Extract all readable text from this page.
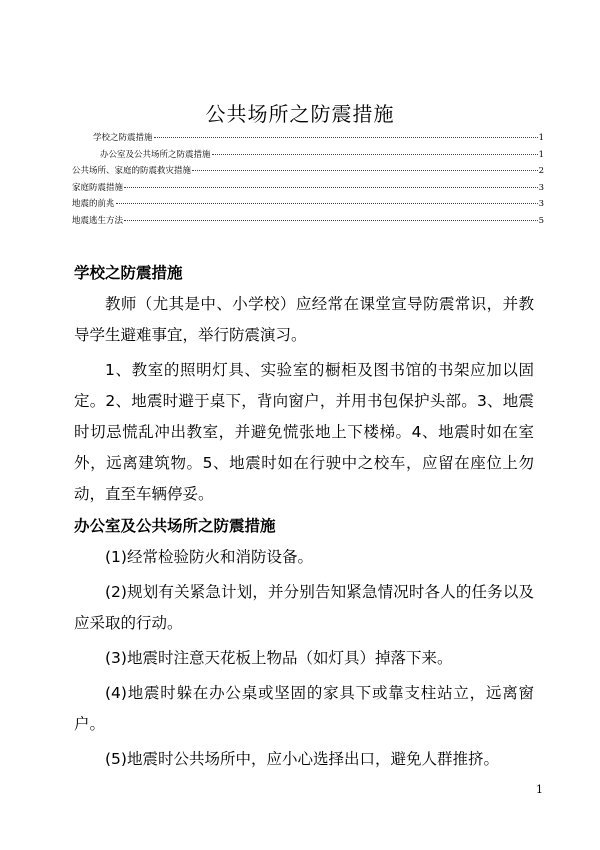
公共场所之防震措施
学校之防震措施	1
办公室及公共场所之防震措施	1
公共场所、家庭的防震救灾措施	2
家庭防震措施	3
地震的前兆	3
地震逃生方法	5
学校之防震措施

教师（尤其是中、小学校）应经常在课堂宣导防震常识，并教导学生避难事宜，举行防震演习。

1、教室的照明灯具、实验室的橱柜及图书馆的书架应加以固定。2、地震时避于桌下，背向窗户，并用书包保护头部。3、地震时切忌慌乱冲出教室，并避免慌张地上下楼梯。4、地震时如在室外，远离建筑物。5、地震时如在行驶中之校车，应留在座位上勿动，直至车辆停妥。

办公室及公共场所之防震措施

(1)经常检验防火和消防设备。

(2)规划有关紧急计划，并分别告知紧急情况时各人的任务以及应采取的行动。

(3)地震时注意天花板上物品（如灯具）掉落下来。

(4)地震时躲在办公桌或坚固的家具下或靠支柱站立，远离窗户。

(5)地震时公共场所中，应小心选择出口，避免人群推挤。

1
